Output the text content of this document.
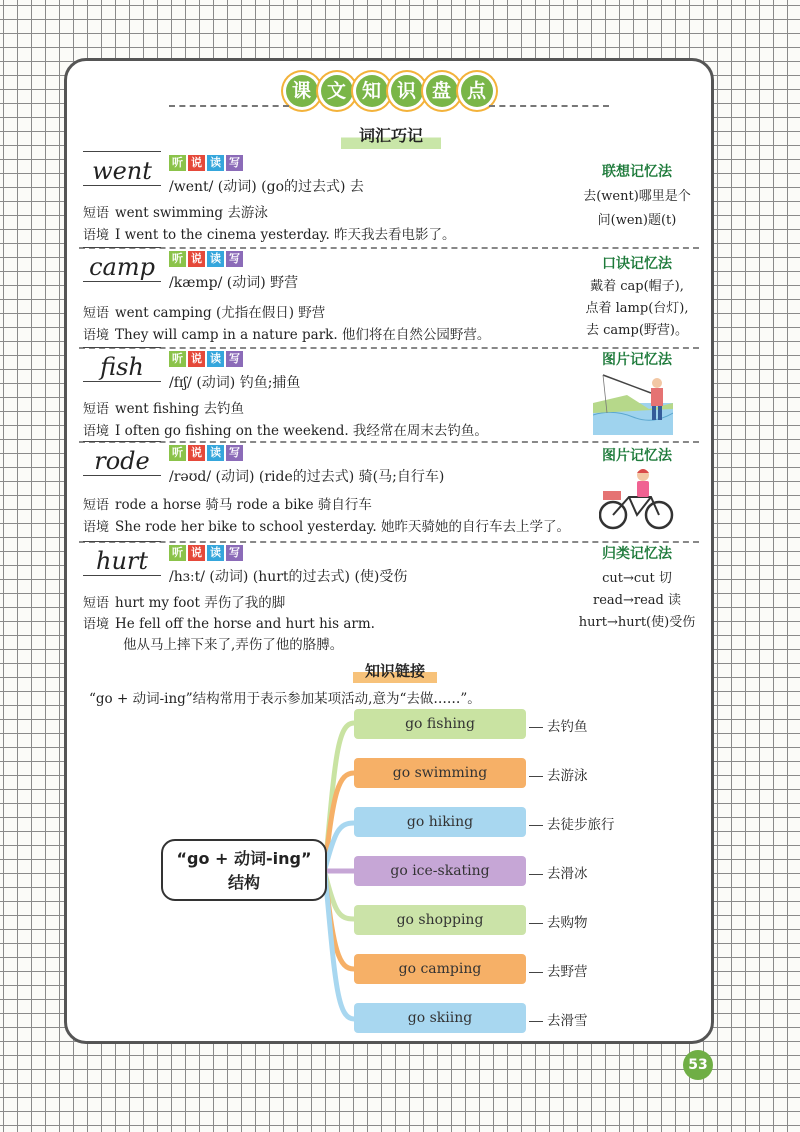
课 文 知 识 盘 点
词汇巧记
went	听 说 读 写
/went/ (动词) (go的过去式) 去
短语 went swimming 去游泳
语境 I went to the cinema yesterday. 昨天我去看电影了。
联想记忆法
去(went)哪里是个
问(wen)题(t)
camp	听 说 读 写
/kæmp/ (动词) 野营
短语 went camping (尤指在假日) 野营
语境 They will camp in a nature park. 他们将在自然公园野营。
口诀记忆法
戴着 cap(帽子),
点着 lamp(台灯),
去 camp(野营)。
fish	听 说 读 写
/fɪʃ/ (动词) 钓鱼;捕鱼
短语 went fishing 去钓鱼
语境 I often go fishing on the weekend. 我经常在周末去钓鱼。
图片记忆法
rode	听 说 读 写
/rəʊd/ (动词) (ride的过去式) 骑(马;自行车)
短语 rode a horse 骑马 rode a bike 骑自行车
语境 She rode her bike to school yesterday. 她昨天骑她的自行车去上学了。
图片记忆法
hurt	听 说 读 写
/hɜːt/ (动词) (hurt的过去式) (使)受伤
短语 hurt my foot 弄伤了我的脚
语境 He fell off the horse and hurt his arm.
他从马上摔下来了,弄伤了他的胳膊。
归类记忆法
cut→cut 切
read→read 读
hurt→hurt(使)受伤
知识链接
“go + 动词-ing”结构常用于表示参加某项活动,意为“去做……”。
“go + 动词-ing”
结构
go fishing	去钓鱼
go swimming	去游泳
go hiking	去徒步旅行
go ice-skating	去滑冰
go shopping	去购物
go camping	去野营
go skiing	去滑雪
53
